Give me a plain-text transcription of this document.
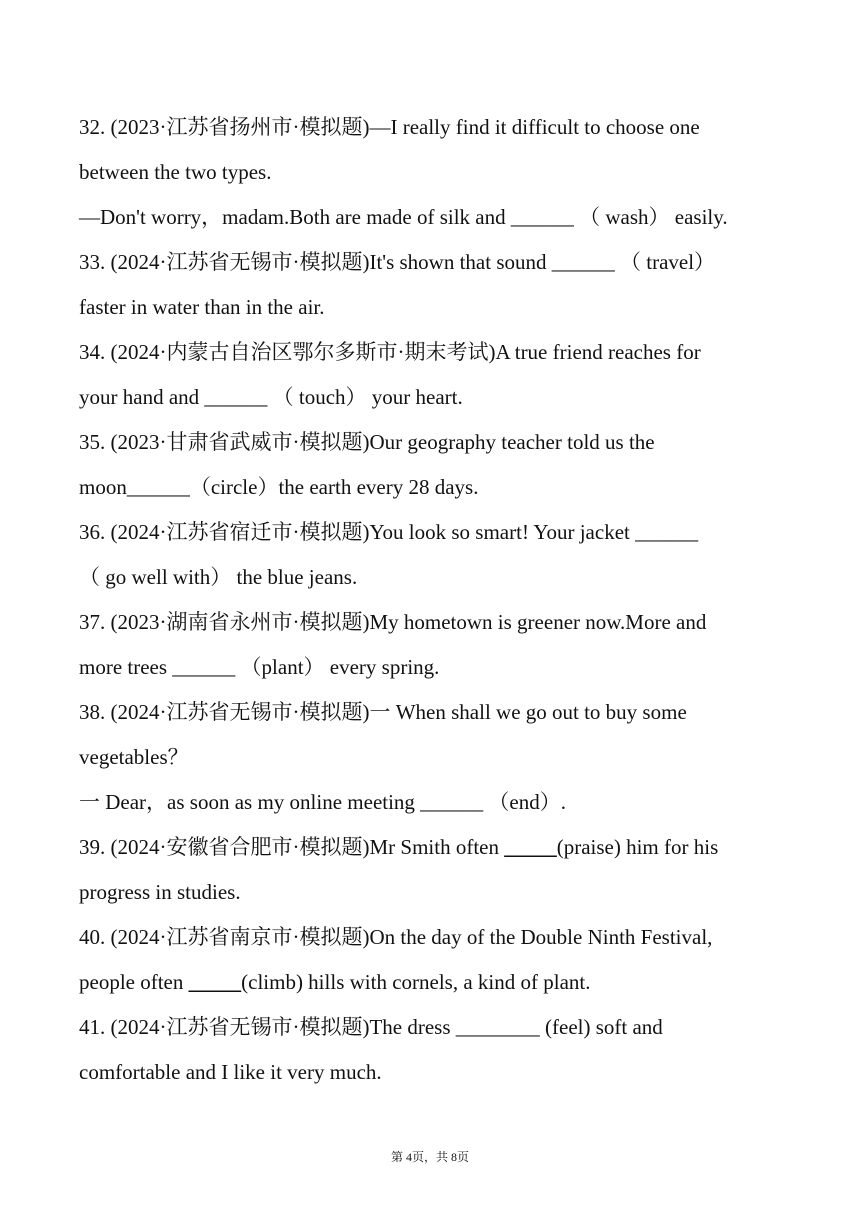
32. (2023·江苏省扬州市·模拟题)—I really find it difficult to choose one
between the two types.
—Don't worry，madam.Both are made of silk and ______ （ wash） easily.
33. (2024·江苏省无锡市·模拟题)It's shown that sound ______ （ travel）
faster in water than in the air.
34. (2024·内蒙古自治区鄂尔多斯市·期末考试)A true friend reaches for
your hand and ______ （ touch） your heart.
35. (2023·甘肃省武威市·模拟题)Our geography teacher told us the
moon______（circle）the earth every 28 days.
36. (2024·江苏省宿迁市·模拟题)You look so smart! Your jacket ______
（ go well with） the blue jeans.
37. (2023·湖南省永州市·模拟题)My hometown is greener now.More and
more trees ______ （plant） every spring.
38. (2024·江苏省无锡市·模拟题)一 When shall we go out to buy some
vegetables？
一 Dear，as soon as my online meeting ______ （end）.
39. (2024·安徽省合肥市·模拟题)Mr Smith often _____(praise) him for his
progress in studies.
40. (2024·江苏省南京市·模拟题)On the day of the Double Ninth Festival,
people often _____(climb) hills with cornels, a kind of plant.
41. (2024·江苏省无锡市·模拟题)The dress ________ (feel) soft and
comfortable and I like it very much.
第 4页，共 8页
